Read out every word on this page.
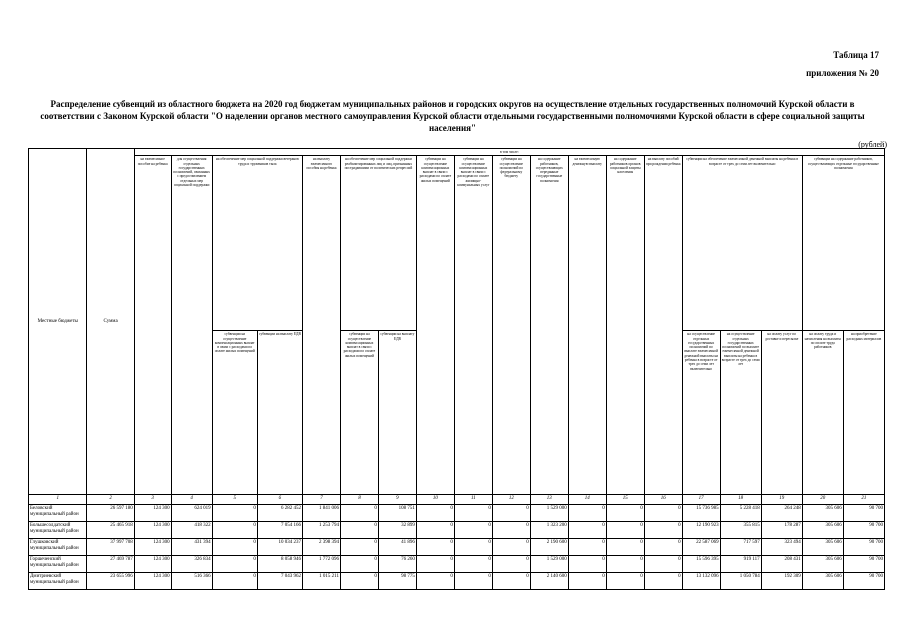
Таблица 17
приложения № 20
Распределение субвенций из областного бюджета на 2020 год бюджетам муниципальных районов и городских округов на осуществление отдельных государственных полномочий Курской области в соответствии с Законом Курской области "О наделении органов местного самоуправления Курской области отдельными государственными полномочиями Курской области в сфере социальной защиты населения"
(рублей)
Местные бюджеты	Сумма	в том числе:																		
		на ежемесячное пособие на ребенка	для осуществления отдельных государственных полномочий, связанных с предоставлением отдельных мер социальной поддержки	на обеспечение мер социальной поддержки ветеранов труда и тружеников тыла		на выплату ежемесячного пособия на ребенка	на обеспечение мер социальной поддержки реабилитированных лиц и лиц, признанных пострадавшими от политических репрессий		субвенции на осуществление компенсационных выплат в связи с расходами по оплате жилых помещений	субвенции на осуществление компенсационных выплат в связи с расходами по оплате жилищно-коммунальных услуг	субвенции на осуществление полномочий по федеральному бюджету	на содержание работников, осуществляющих переданные государственные полномочия	на ежемесячную денежную выплату	на содержание работников органов социальной защиты населения	на выплату пособий при рождении ребенка	субвенции на обеспечение ежемесячной денежной выплаты на ребенка в возрасте от трех до семи лет включительно			субвенции на содержание работников, осуществляющих отдельные государственные полномочия	
				субвенции на осуществление компенсационных выплат в связи с расходами по оплате жилых помещений	субвенции на выплату ЕДВ		субвенции на осуществление компенсационных выплат в связи с расходами по оплате жилых помещений	субвенции на выплату ЕДВ								на осуществление отдельных государственных полномочий по выплате ежемесячной денежной выплаты на ребенка в возрасте от трех до семи лет включительно	на осуществление отдельных государственных полномочий по выплате ежемесячной денежной выплаты на ребенка в возрасте от трех до семи лет	на оплату услуг по доставке и пересылке	на оплату труда и начисления на выплаты по оплате труда работников	на приобретение расходных материалов
1	2	3	4	5	6	7	8	9	10	11	12	13	14	15	16	17	18	19	20	21
Беловский муниципальный район	26 597 180	124 300	624 019	0	6 282 452	1 841 006	0	108 751	0	0	0	1 529 000	0	0	0	15 736 985	5 228 418	264 248	305 606	90 700
Большесолдатский муниципальный район	25 465 918	124 300	418 322	0	7 054 166	1 253 794	0	32 899	0	0	0	1 323 200	0	0	0	12 190 923	355 815	178 287	305 606	90 700
Глушковский муниципальный район	37 997 708	124 300	431 394	0	10 034 237	2 398 394	0	41 896	0	0	0	2 190 600	0	0	0	22 587 069	717 597	323 494	305 606	90 700
Горшеченский муниципальный район	27 469 787	124 300	326 834	0	8 058 946	1 772 096	0	76 260	0	0	0	1 529 000	0	0	0	15 596 395	919 117	208 431	305 606	90 700
Дмитриевский муниципальный район	23 655 996	124 300	516 366	0	7 043 962	1 015 211	0	98 775	0	0	0	2 140 600	0	0	0	13 132 096	1 050 784	192 309	305 606	90 700
